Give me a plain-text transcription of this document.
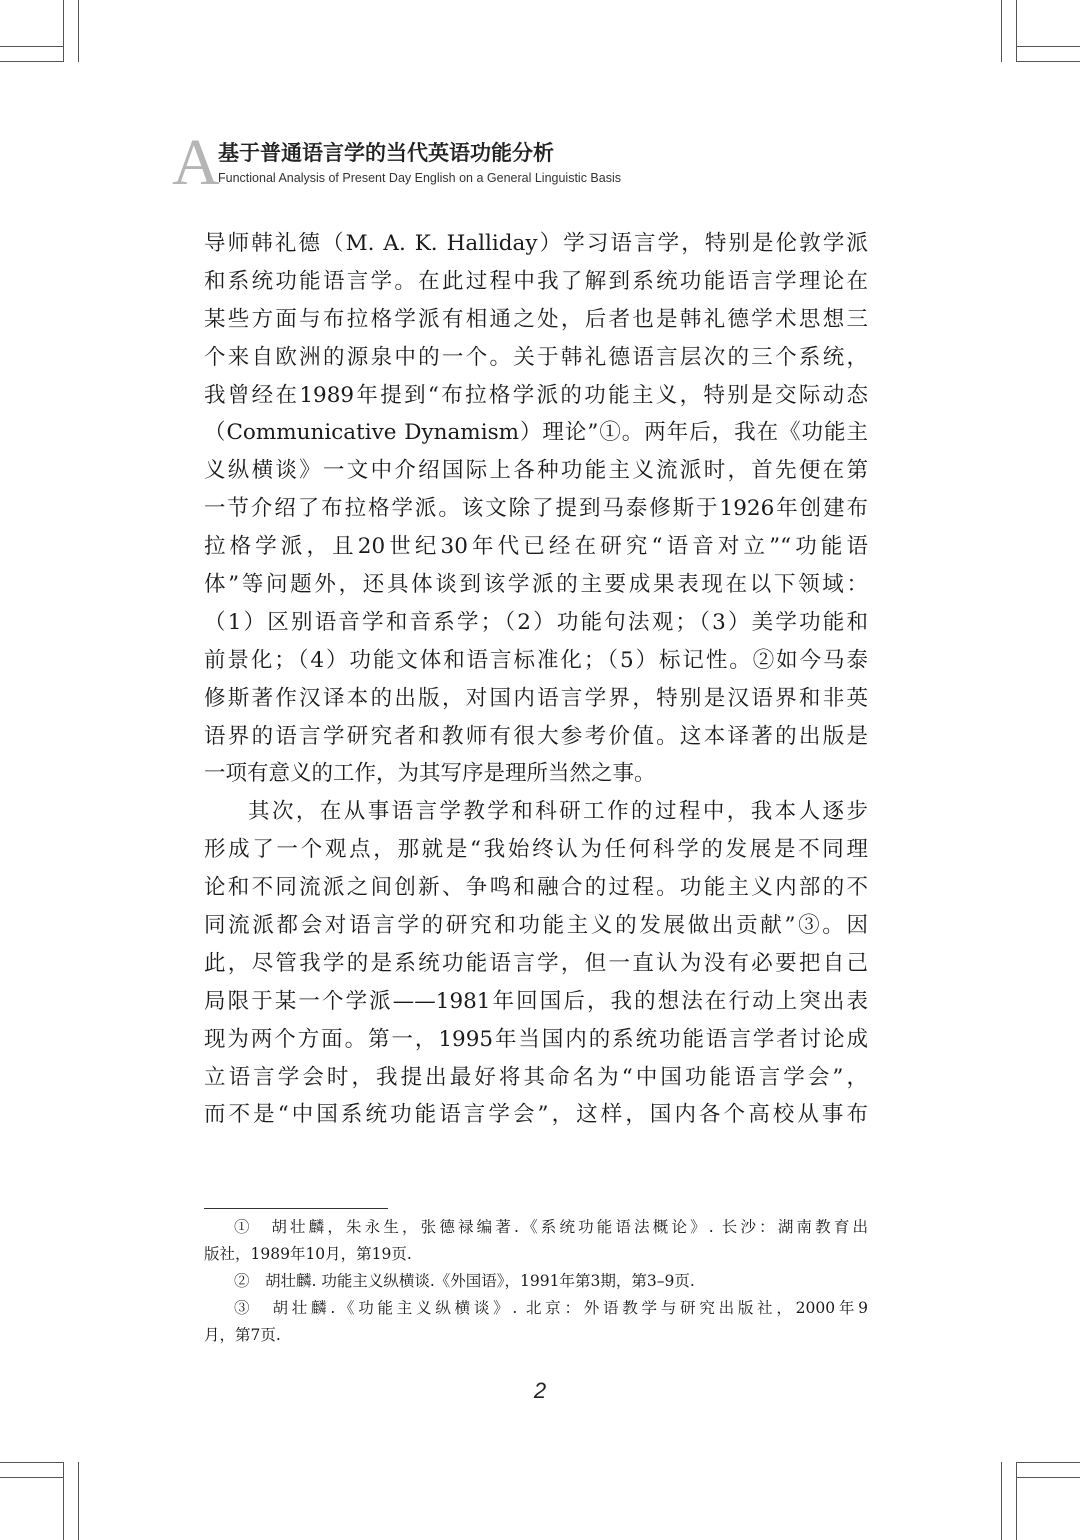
A
基于普通语言学的当代英语功能分析
Functional Analysis of Present Day English on a General Linguistic Basis
导师韩礼德（M. A. K. Halliday）学习语言学，特别是伦敦学派
和系统功能语言学。在此过程中我了解到系统功能语言学理论在
某些方面与布拉格学派有相通之处，后者也是韩礼德学术思想三
个来自欧洲的源泉中的一个。关于韩礼德语言层次的三个系统，
我曾经在1989年提到“布拉格学派的功能主义，特别是交际动态
（Communicative Dynamism）理论”①。两年后，我在《功能主
义纵横谈》一文中介绍国际上各种功能主义流派时，首先便在第
一节介绍了布拉格学派。该文除了提到马泰修斯于1926年创建布
拉格学派，且20世纪30年代已经在研究“语音对立”“功能语
体”等问题外，还具体谈到该学派的主要成果表现在以下领域：
（1）区别语音学和音系学；（2）功能句法观；（3）美学功能和
前景化；（4）功能文体和语言标准化；（5）标记性。②如今马泰
修斯著作汉译本的出版，对国内语言学界，特别是汉语界和非英
语界的语言学研究者和教师有很大参考价值。这本译著的出版是
一项有意义的工作，为其写序是理所当然之事。
其次，在从事语言学教学和科研工作的过程中，我本人逐步
形成了一个观点，那就是“我始终认为任何科学的发展是不同理
论和不同流派之间创新、争鸣和融合的过程。功能主义内部的不
同流派都会对语言学的研究和功能主义的发展做出贡献”③。因
此，尽管我学的是系统功能语言学，但一直认为没有必要把自己
局限于某一个学派——1981年回国后，我的想法在行动上突出表
现为两个方面。第一，1995年当国内的系统功能语言学者讨论成
立语言学会时，我提出最好将其命名为“中国功能语言学会”，
而不是“中国系统功能语言学会”，这样，国内各个高校从事布
①　胡壮麟，朱永生，张德禄编著.《系统功能语法概论》. 长沙：湖南教育出
版社，1989年10月，第19页.
②　胡壮麟. 功能主义纵横谈.《外国语》，1991年第3期，第3–9页.
③　胡壮麟.《功能主义纵横谈》. 北京：外语教学与研究出版社，2000年9
月，第7页.
2
